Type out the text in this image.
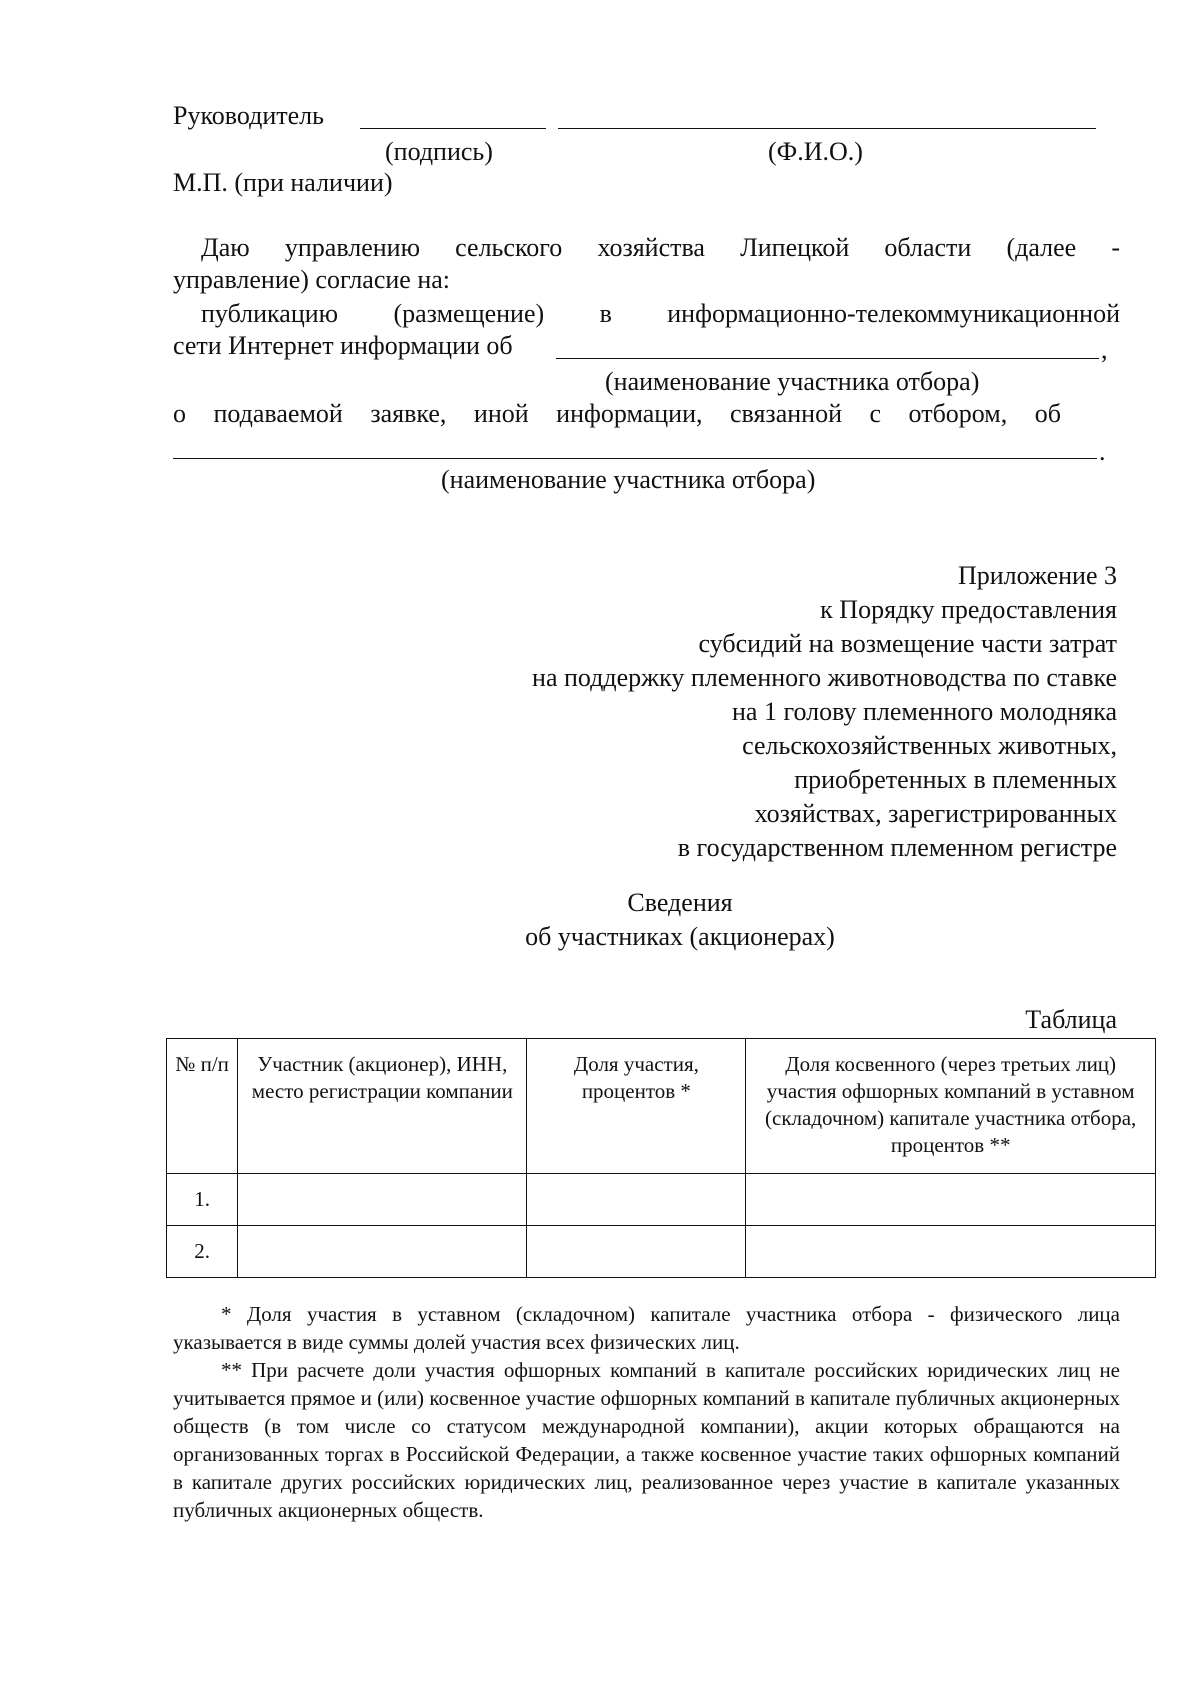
Руководитель
(подпись)	(Ф.И.О.)
М.П. (при наличии)
Даю управлению сельского хозяйства Липецкой области (далее -
управление) согласие на:
публикацию (размещение) в информационно-телекоммуникационной
сети Интернет информации об	,
(наименование участника отбора)
о подаваемой заявке, иной информации, связанной с отбором, об
.
(наименование участника отбора)
Приложение 3
к Порядку предоставления
субсидий на возмещение части затрат
на поддержку племенного животноводства по ставке
на 1 голову племенного молодняка
сельскохозяйственных животных,
приобретенных в племенных
хозяйствах, зарегистрированных
в государственном племенном регистре
Сведения
об участниках (акционерах)
Таблица
№ п/п	Участник (акционер), ИНН, место регистрации компании	Доля участия, процентов *	Доля косвенного (через третьих лиц) участия офшорных компаний в уставном (складочном) капитале участника отбора, процентов **
1.			
2.			

* Доля участия в уставном (складочном) капитале участника отбора - физического лица указывается в виде суммы долей участия всех физических лиц.

** При расчете доли участия офшорных компаний в капитале российских юридических лиц не учитывается прямое и (или) косвенное участие офшорных компаний в капитале публичных акционерных обществ (в том числе со статусом международной компании), акции которых обращаются на организованных торгах в Российской Федерации, а также косвенное участие таких офшорных компаний в капитале других российских юридических лиц, реализованное через участие в капитале указанных публичных акционерных обществ.
